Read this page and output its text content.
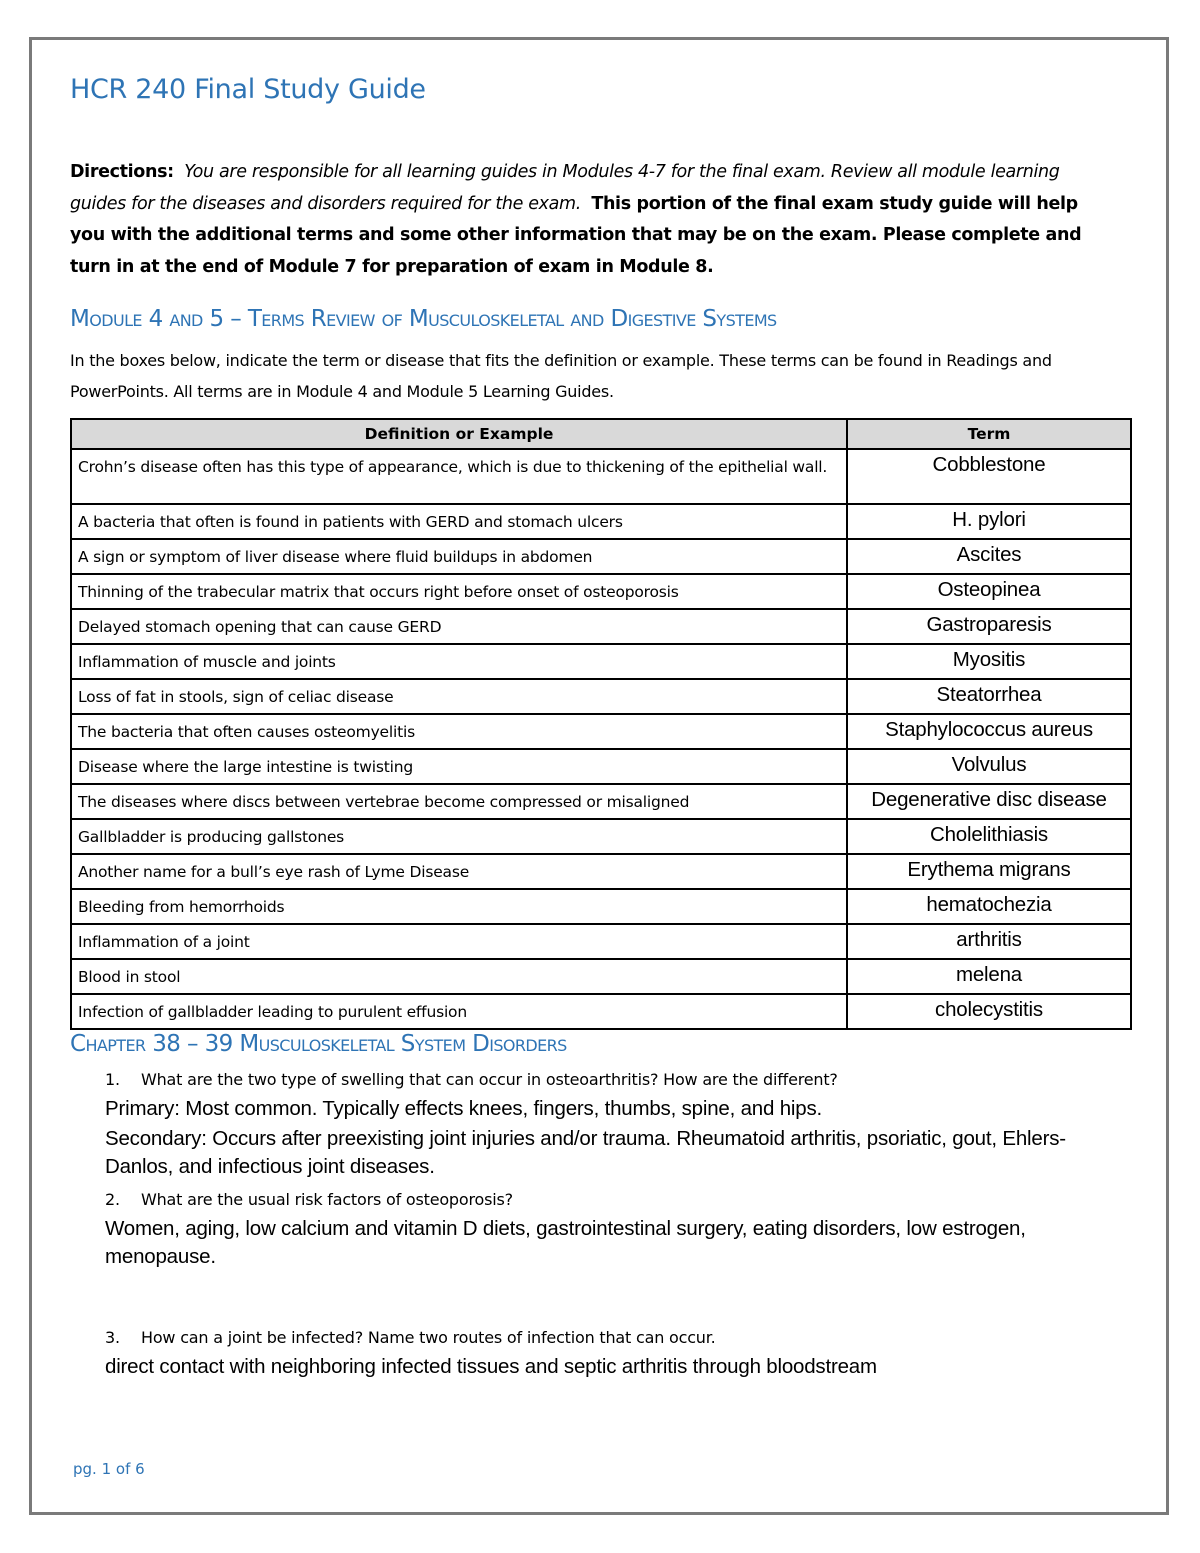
HCR 240 Final Study Guide

Directions: You are responsible for all learning guides in Modules 4-7 for the final exam. Review all module learning guides for the diseases and disorders required for the exam. This portion of the final exam study guide will help you with the additional terms and some other information that may be on the exam. Please complete and turn in at the end of Module 7 for preparation of exam in Module 8.

Module 4 and 5 – Terms Review of Musculoskeletal and Digestive Systems

In the boxes below, indicate the term or disease that fits the definition or example. These terms can be found in Readings and PowerPoints. All terms are in Module 4 and Module 5 Learning Guides.

Definition or Example	Term
Crohn’s disease often has this type of appearance, which is due to thickening of the epithelial wall.	Cobblestone
A bacteria that often is found in patients with GERD and stomach ulcers	H. pylori
A sign or symptom of liver disease where fluid buildups in abdomen	Ascites
Thinning of the trabecular matrix that occurs right before onset of osteoporosis	Osteopinea
Delayed stomach opening that can cause GERD	Gastroparesis
Inflammation of muscle and joints	Myositis
Loss of fat in stools, sign of celiac disease	Steatorrhea
The bacteria that often causes osteomyelitis	Staphylococcus aureus
Disease where the large intestine is twisting	Volvulus
The diseases where discs between vertebrae become compressed or misaligned	Degenerative disc disease
Gallbladder is producing gallstones	Cholelithiasis
Another name for a bull’s eye rash of Lyme Disease	Erythema migrans
Bleeding from hemorrhoids	hematochezia
Inflammation of a joint	arthritis
Blood in stool	melena
Infection of gallbladder leading to purulent effusion	cholecystitis
Chapter 38 – 39 Musculoskeletal System Disorders

1. What are the two type of swelling that can occur in osteoarthritis? How are the different?

Primary: Most common. Typically effects knees, fingers, thumbs, spine, and hips.

Secondary: Occurs after preexisting joint injuries and/or trauma. Rheumatoid arthritis, psoriatic, gout, Ehlers-Danlos, and infectious joint diseases.

2. What are the usual risk factors of osteoporosis?

Women, aging, low calcium and vitamin D diets, gastrointestinal surgery, eating disorders, low estrogen, menopause.

3. How can a joint be infected? Name two routes of infection that can occur.

direct contact with neighboring infected tissues and septic arthritis through bloodstream

pg. 1 of 6
